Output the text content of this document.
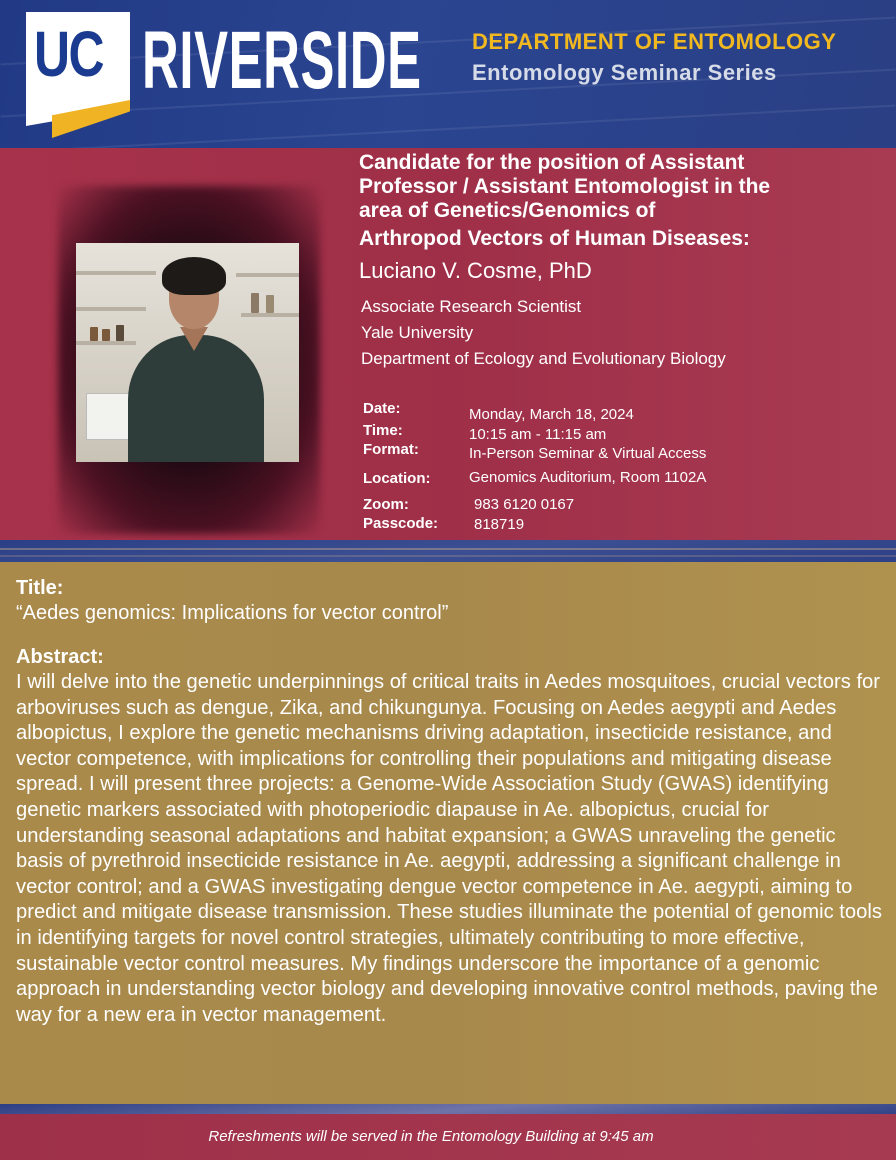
UC RIVERSIDE DEPARTMENT OF ENTOMOLOGY
Entomology Seminar Series
Candidate for the position of Assistant
Professor / Assistant Entomologist in the
area of Genetics/Genomics of

Arthropod Vectors of Human Diseases:
Luciano V. Cosme, PhD
Associate Research Scientist
Yale University
Department of Ecology and Evolutionary Biology
Date:
Time:
Format:
Location:
Zoom:
Passcode:
Monday, March 18, 2024
10:15 am - 11:15 am
In-Person Seminar & Virtual Access
Genomics Auditorium, Room 1102A
983 6120 0167
818719
Title:
“Aedes genomics: Implications for vector control”
Abstract:
I will delve into the genetic underpinnings of critical traits in Aedes mosquitoes, crucial vectors for arboviruses such as dengue, Zika, and chikungunya. Focusing on Aedes aegypti and Aedes albopictus, I explore the genetic mechanisms driving adaptation, insecticide resistance, and vector competence, with implications for controlling their populations and mitigating disease spread. I will present three projects: a Genome-Wide Association Study (GWAS) identifying genetic markers associated with photoperiodic diapause in Ae. albopictus, crucial for understanding seasonal adaptations and habitat expansion; a GWAS unraveling the genetic basis of pyrethroid insecticide resistance in Ae. aegypti, addressing a significant challenge in vector control; and a GWAS investigating dengue vector competence in Ae. aegypti, aiming to predict and mitigate disease transmission. These studies illuminate the potential of genomic tools in identifying targets for novel control strategies, ultimately contributing to more effective, sustainable vector control measures. My findings underscore the importance of a genomic approach in understanding vector biology and developing innovative control methods, paving the way for a new era in vector management.
Refreshments will be served in the Entomology Building at 9:45 am
